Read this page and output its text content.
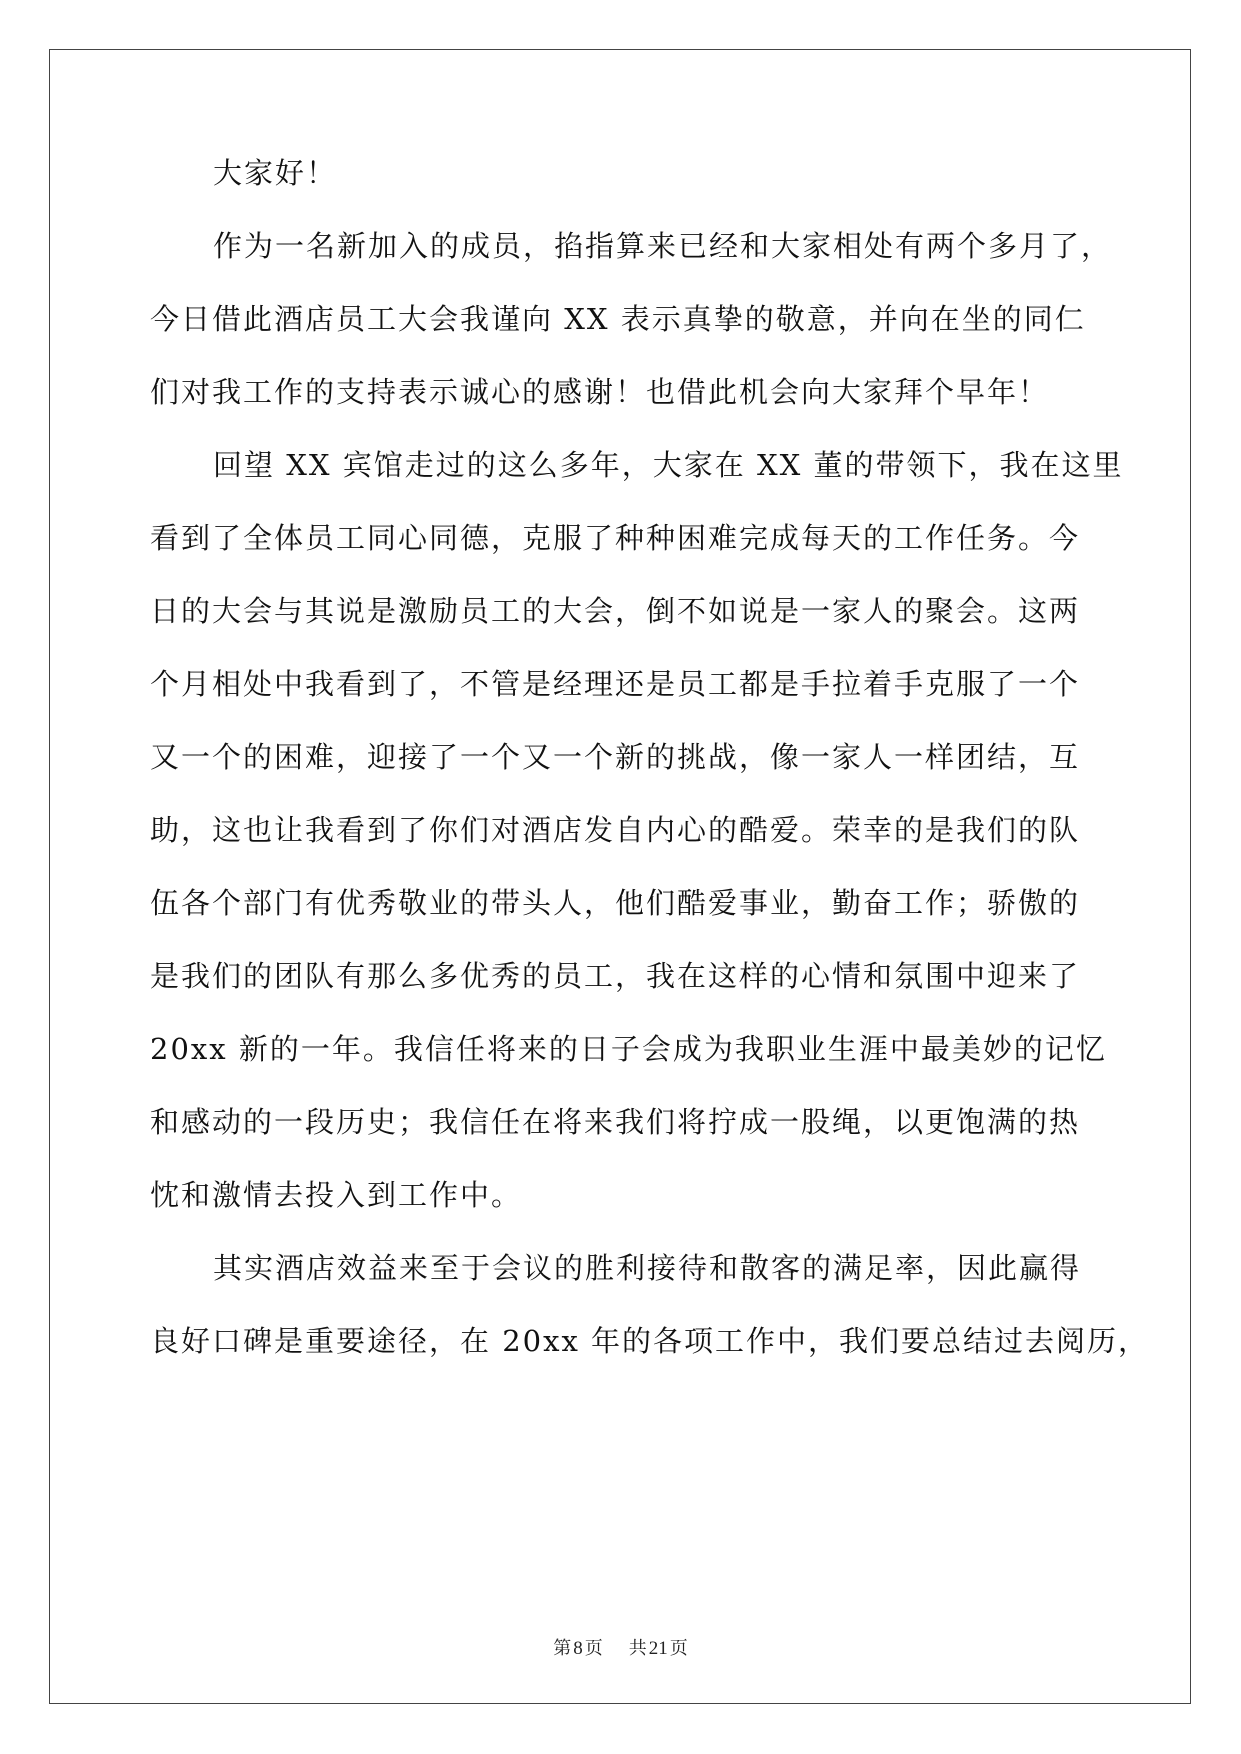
大家好！
作为一名新加入的成员，掐指算来已经和大家相处有两个多月了，
今日借此酒店员工大会我谨向 XX 表示真挚的敬意，并向在坐的同仁
们对我工作的支持表示诚心的感谢！也借此机会向大家拜个早年！
回望 XX 宾馆走过的这么多年，大家在 XX 董的带领下，我在这里
看到了全体员工同心同德，克服了种种困难完成每天的工作任务。今
日的大会与其说是激励员工的大会，倒不如说是一家人的聚会。这两
个月相处中我看到了，不管是经理还是员工都是手拉着手克服了一个
又一个的困难，迎接了一个又一个新的挑战，像一家人一样团结，互
助，这也让我看到了你们对酒店发自内心的酷爱。荣幸的是我们的队
伍各个部门有优秀敬业的带头人，他们酷爱事业，勤奋工作；骄傲的
是我们的团队有那么多优秀的员工，我在这样的心情和氛围中迎来了
20xx 新的一年。我信任将来的日子会成为我职业生涯中最美妙的记忆
和感动的一段历史；我信任在将来我们将拧成一股绳，以更饱满的热
忱和激情去投入到工作中。
其实酒店效益来至于会议的胜利接待和散客的满足率，因此赢得
良好口碑是重要途径，在 20xx 年的各项工作中，我们要总结过去阅历，
第 8 页 共 21 页
